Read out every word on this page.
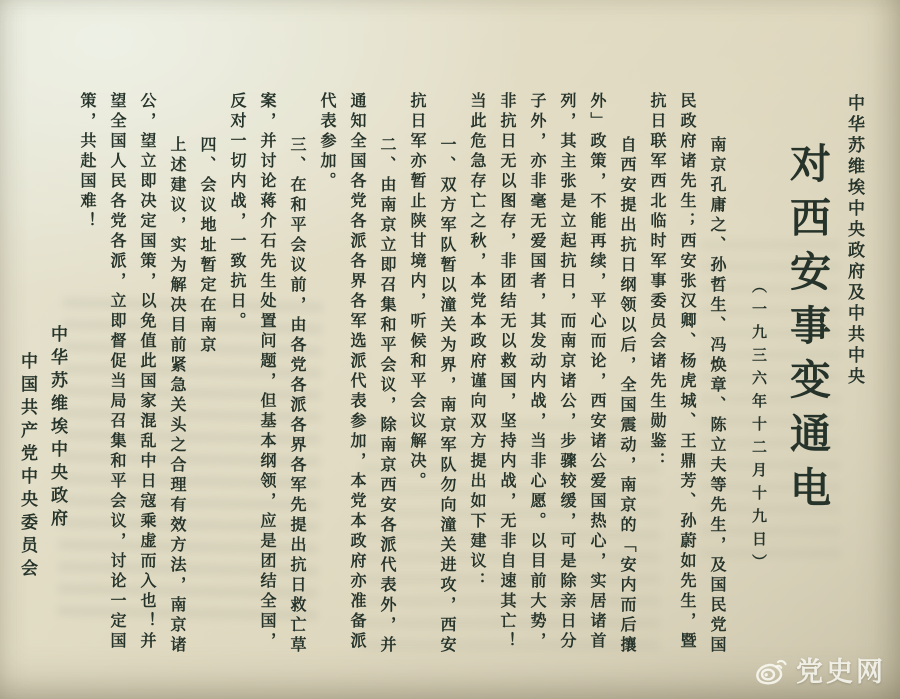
中华苏维埃中央政府及中共中央
对西安事变通电
（一九三六年十二月十九日）
南京孔庸之、孙哲生、冯焕章、陈立夫等先生，及国民党国
民政府诸先生；西安张汉卿、杨虎城、王鼎芳、孙蔚如先生，暨
抗日联军西北临时军事委员会诸先生勋鉴：
自西安提出抗日纲领以后，全国震动，南京的「安内而后攘
外」政策，不能再续，平心而论，西安诸公爱国热心，实居诸首
列，其主张是立起抗日，而南京诸公，步骤较缓，可是除亲日分
子外，亦非毫无爱国者，其发动内战，当非心愿。以目前大势，
非抗日无以图存，非团结无以救国，坚持内战，无非自速其亡！
当此危急存亡之秋，本党本政府谨向双方提出如下建议：
一、双方军队暂以潼关为界，南京军队勿向潼关进攻，西安
抗日军亦暂止陕甘境内，听候和平会议解决。
二、由南京立即召集和平会议，除南京西安各派代表外，并
通知全国各党各派各界各军选派代表参加，本党本政府亦准备派
代表参加。
三、在和平会议前，由各党各派各界各军先提出抗日救亡草
案，并讨论蒋介石先生处置问题，但基本纲领，应是团结全国，
反对一切内战，一致抗日。
四、会议地址暂定在南京
上述建议，实为解决目前紧急关头之合理有效方法，南京诸
公，望立即决定国策，以免值此国家混乱中日寇乘虚而入也！并
望全国人民各党各派，立即督促当局召集和平会议，讨论一定国
策，共赴国难！
中华苏维埃中央政府
中国共产党中央委员会
党史网
